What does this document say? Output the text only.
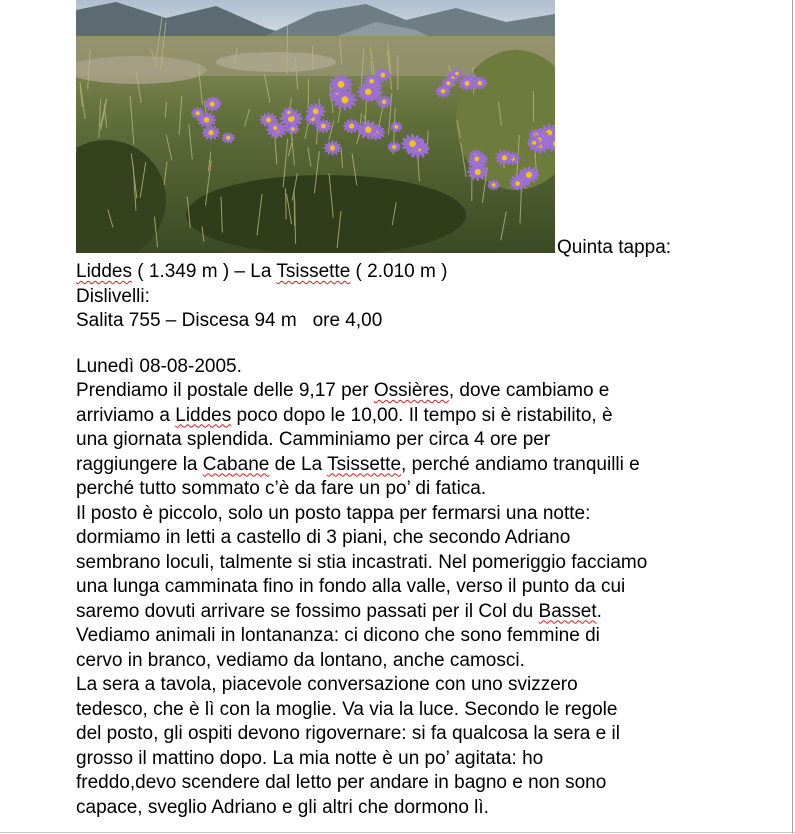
Quinta tappa:
Liddes ( 1.349 m ) – La Tsissette ( 2.010 m )
Dislivelli:
Salita 755 – Discesa 94 m   ore 4,00
Lunedì 08-08-2005.
Prendiamo il postale delle 9,17 per Ossières, dove cambiamo e
arriviamo a Liddes poco dopo le 10,00. Il tempo si è ristabilito, è
una giornata splendida. Camminiamo per circa 4 ore per
raggiungere la Cabane de La Tsissette, perché andiamo tranquilli e
perché tutto sommato c’è da fare un po’ di fatica.
Il posto è piccolo, solo un posto tappa per fermarsi una notte:
dormiamo in letti a castello di 3 piani, che secondo Adriano
sembrano loculi, talmente si stia incastrati. Nel pomeriggio facciamo
una lunga camminata fino in fondo alla valle, verso il punto da cui
saremo dovuti arrivare se fossimo passati per il Col du Basset.
Vediamo animali in lontananza: ci dicono che sono femmine di
cervo in branco, vediamo da lontano, anche camosci.
La sera a tavola, piacevole conversazione con uno svizzero
tedesco, che è lì con la moglie. Va via la luce. Secondo le regole
del posto, gli ospiti devono rigovernare: si fa qualcosa la sera e il
grosso il mattino dopo. La mia notte è un po’ agitata: ho
freddo,devo scendere dal letto per andare in bagno e non sono
capace, sveglio Adriano e gli altri che dormono lì.
